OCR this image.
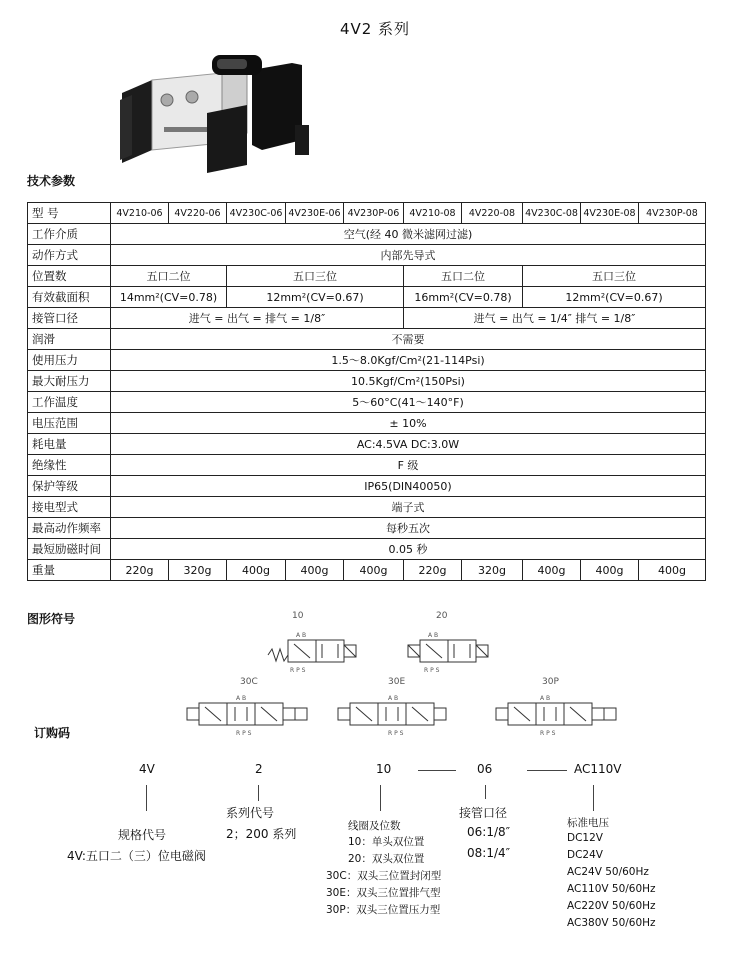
4V2 系列
技术参数
型 号	4V210-06	4V220-06	4V230C-06	4V230E-06	4V230P-06	4V210-08	4V220-08	4V230C-08	4V230E-08	4V230P-08
工作介质	空气(经 40 微米滤网过滤)									
动作方式	内部先导式									
位置数	五口二位		五口三位			五口二位		五口三位		
有效截面积	14mm²(CV=0.78)		12mm²(CV=0.67)			16mm²(CV=0.78)		12mm²(CV=0.67)		
接管口径	进气 = 出气 = 排气 = 1/8″					进气 = 出气 = 1/4″ 排气 = 1/8″				
润滑	不需要									
使用压力	1.5～8.0Kgf/Cm²(21-114Psi)									
最大耐压力	10.5Kgf/Cm²(150Psi)									
工作温度	5～60°C(41～140°F)									
电压范围	± 10%									
耗电量	AC:4.5VA DC:3.0W									
绝缘性	F 级									
保护等级	IP65(DIN40050)									
接电型式	端子式									
最高动作频率	每秒五次									
最短励磁时间	0.05 秒									
重量	220g	320g	400g	400g	400g	220g	320g	400g	400g	400g
图形符号	10	20
30C	30E	30P
A B
R P S
A B
R P S
A B
R P S
A B
R P S
A B
R P S
订购码
4V	2	10	06	AC110V
规格代号
4V:五口二（三）位电磁阀
系列代号
2；200 系列
线圈及位数
10：单头双位置
20：双头双位置
30C：双头三位置封闭型
30E：双头三位置排气型
30P：双头三位置压力型
接管口径
06:1/8″
08:1/4″
标准电压
DC12V
DC24V
AC24V 50/60Hz
AC110V 50/60Hz
AC220V 50/60Hz
AC380V 50/60Hz
